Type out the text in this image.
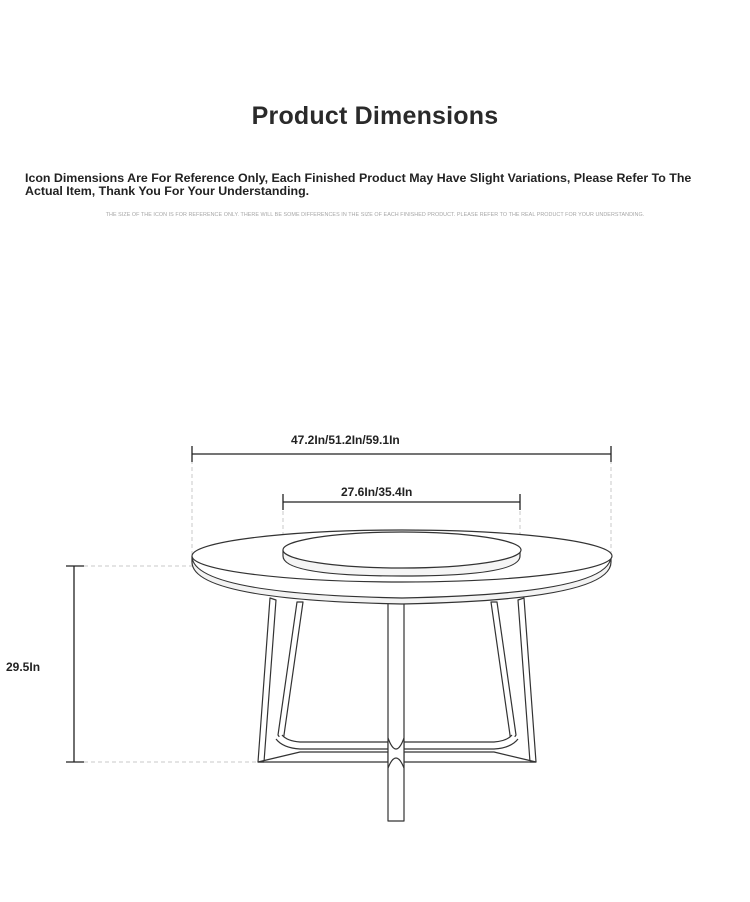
Product Dimensions
Icon Dimensions Are For Reference Only, Each Finished Product May Have Slight Variations, Please Refer To The Actual Item, Thank You For Your Understanding.
THE SIZE OF THE ICON IS FOR REFERENCE ONLY. THERE WILL BE SOME DIFFERENCES IN THE SIZE OF EACH FINISHED PRODUCT. PLEASE REFER TO THE REAL PRODUCT FOR YOUR UNDERSTANDING.
47.2In/51.2In/59.1In
27.6In/35.4In
29.5In
